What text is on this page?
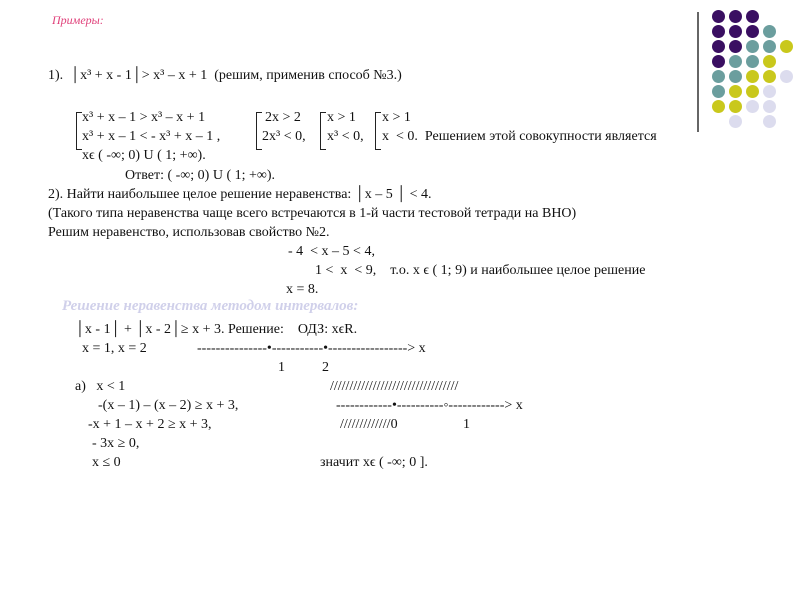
Примеры:
1).  │x³ + x - 1│> x³ – x + 1  (решим, применив способ №3.)
x³ + x – 1 > x³ – x + 1
x³ + x – 1 < - x³ + x – 1 ,
2x > 2
2x³ < 0,
x > 1
x³ < 0,
x > 1
x  < 0.  Решением этой совокупности является
xϵ ( -∞; 0) U ( 1; +∞).
Ответ: ( -∞; 0) U ( 1; +∞).
2). Найти наибольшее целое решение неравенства: │x – 5 │ < 4.
(Такого типа неравенства чаще всего встречаются в 1-й части тестовой тетради на ВНО)
Решим неравенство, использовав свойство №2.
- 4  < x – 5 < 4,
1 <  x  < 9,    т.о. x ϵ ( 1; 9) и наибольшее целое решение
x = 8.
Решение неравенства методом интервалов:
│x - 1│ + │x - 2│≥ x + 3. Решение:    ОДЗ: xϵR.
x = 1, x = 2	---------------•-----------•-----------------> x
1	2
а)   x < 1	/////////////////////////////////
-(x – 1) – (x – 2) ≥ x + 3,	------------•----------◦------------> x
-x + 1 – x + 2 ≥ x + 3,	/////////////0	1
- 3x ≥ 0,
x ≤ 0	значит xϵ ( -∞; 0 ].
